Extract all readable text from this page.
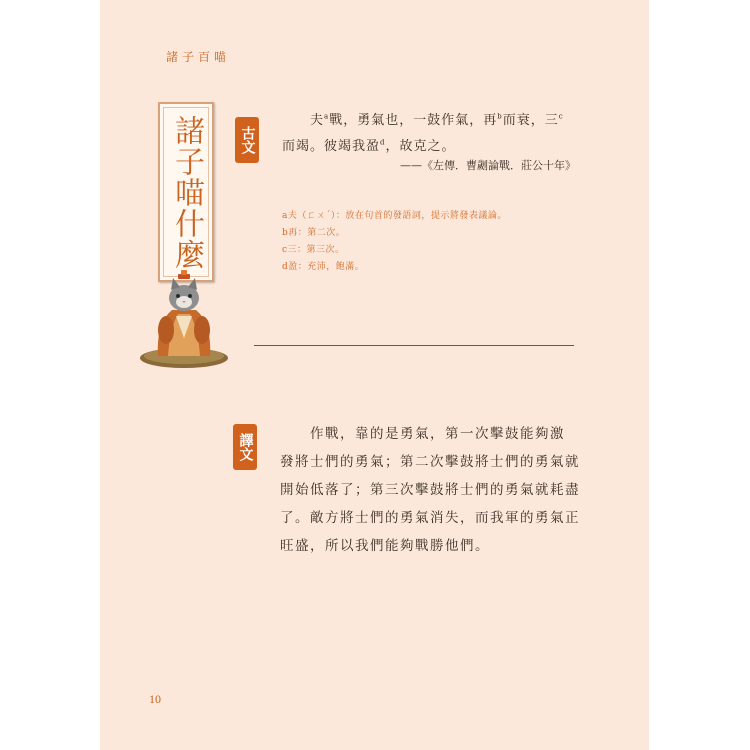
諸子百喵
諸子喵什麼	古文
夫$^a$戰，勇氣也，一鼓作氣，再$^b$而衰，三$^c$
而竭。彼竭我盈$^d$，故克之。
——《左傳．曹劌論戰．莊公十年》
a夫（ㄈㄨˊ）：放在句首的發語詞，提示將發表議論。
b再：第二次。
c三：第三次。
d盈：充沛，飽滿。
譯文	作戰，靠的是勇氣，第一次擊鼓能夠激
發將士們的勇氣；第二次擊鼓將士們的勇氣就
開始低落了；第三次擊鼓將士們的勇氣就耗盡
了。敵方將士們的勇氣消失，而我軍的勇氣正
旺盛，所以我們能夠戰勝他們。
10
